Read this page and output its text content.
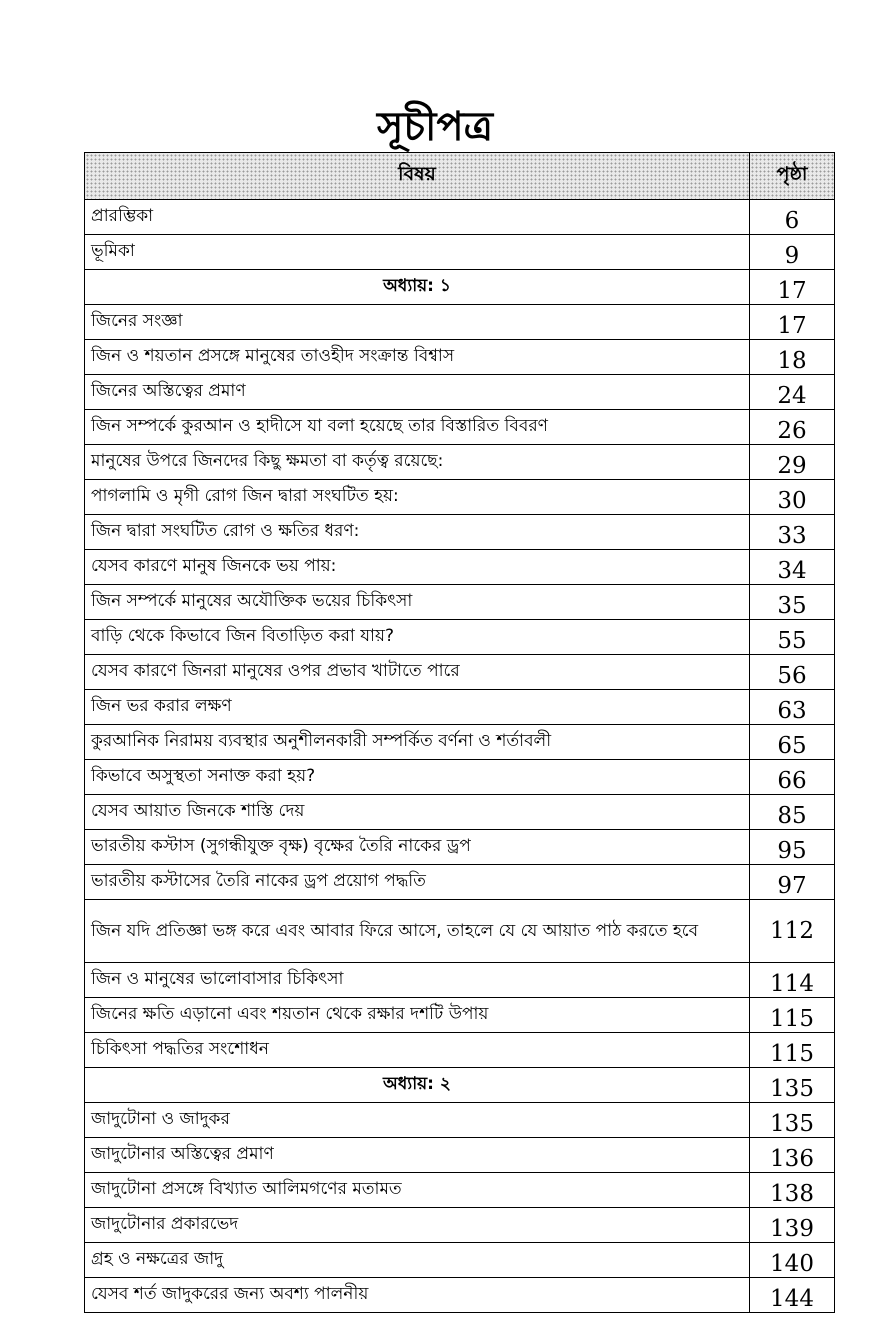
সূচীপত্র
বিষয়	পৃষ্ঠা
প্রারম্ভিকা	6
ভূমিকা	9
অধ্যায়: ১	17
জিনের সংজ্ঞা	17
জিন ও শয়তান প্রসঙ্গে মানুষের তাওহীদ সংক্রান্ত বিশ্বাস	18
জিনের অস্তিত্বের প্রমাণ	24
জিন সম্পর্কে কুরআন ও হাদীসে যা বলা হয়েছে তার বিস্তারিত বিবরণ	26
মানুষের উপরে জিনদের কিছু ক্ষমতা বা কর্তৃত্ব রয়েছে:	29
পাগলামি ও মৃগী রোগ জিন দ্বারা সংঘটিত হয়:	30
জিন দ্বারা সংঘটিত রোগ ও ক্ষতির ধরণ:	33
যেসব কারণে মানুষ জিনকে ভয় পায়:	34
জিন সম্পর্কে মানুষের অযৌক্তিক ভয়ের চিকিৎসা	35
বাড়ি থেকে কিভাবে জিন বিতাড়িত করা যায়?	55
যেসব কারণে জিনরা মানুষের ওপর প্রভাব খাটাতে পারে	56
জিন ভর করার লক্ষণ	63
কুরআনিক নিরাময় ব্যবস্থার অনুশীলনকারী সম্পর্কিত বর্ণনা ও শর্তাবলী	65
কিভাবে অসুস্থতা সনাক্ত করা হয়?	66
যেসব আয়াত জিনকে শাস্তি দেয়	85
ভারতীয় কস্টাস (সুগন্ধীযুক্ত বৃক্ষ) বৃক্ষের তৈরি নাকের ড্রপ	95
ভারতীয় কস্টাসের তৈরি নাকের ড্রপ প্রয়োগ পদ্ধতি	97
জিন যদি প্রতিজ্ঞা ভঙ্গ করে এবং আবার ফিরে আসে, তাহলে যে যে আয়াত পাঠ করতে হবে	112
জিন ও মানুষের ভালোবাসার চিকিৎসা	114
জিনের ক্ষতি এড়ানো এবং শয়তান থেকে রক্ষার দশটি উপায়	115
চিকিৎসা পদ্ধতির সংশোধন	115
অধ্যায়: ২	135
জাদুটোনা ও জাদুকর	135
জাদুটোনার অস্তিত্বের প্রমাণ	136
জাদুটোনা প্রসঙ্গে বিখ্যাত আলিমগণের মতামত	138
জাদুটোনার প্রকারভেদ	139
গ্রহ ও নক্ষত্রের জাদু	140
যেসব শর্ত জাদুকরের জন্য অবশ্য পালনীয়	144
